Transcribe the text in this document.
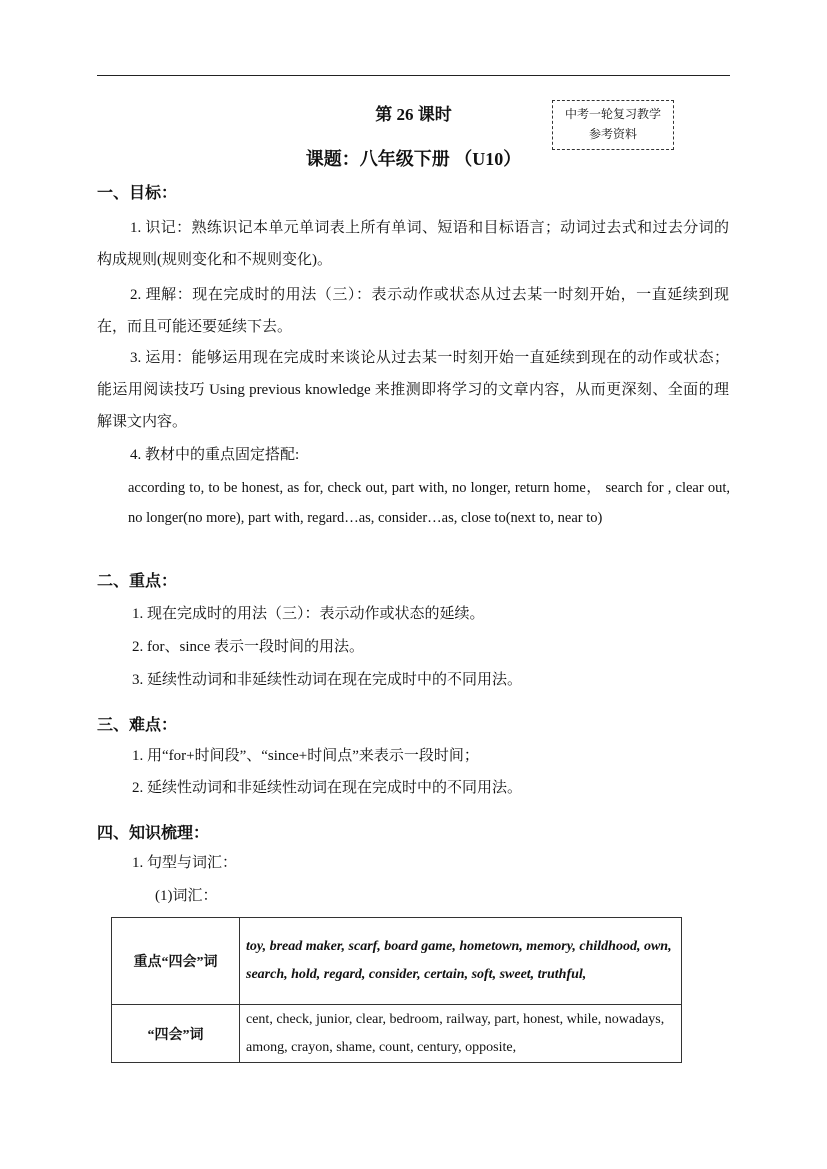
第 26 课时
课题：八年级下册 （U10）
中考一轮复习教学
参考资料
一、目标：
1. 识记：熟练识记本单元单词表上所有单词、短语和目标语言；动词过去式和过去分词的构成规则(规则变化和不规则变化)。
2. 理解：现在完成时的用法（三）：表示动作或状态从过去某一时刻开始，一直延续到现在，而且可能还要延续下去。
3. 运用：能够运用现在完成时来谈论从过去某一时刻开始一直延续到现在的动作或状态；能运用阅读技巧 Using previous knowledge 来推测即将学习的文章内容，从而更深刻、全面的理解课文内容。
4. 教材中的重点固定搭配:
according to, to be honest, as for, check out, part with, no longer, return home， search for , clear out, no longer(no more), part with, regard…as, consider…as, close to(next to, near to)
二、重点：
1. 现在完成时的用法（三）：表示动作或状态的延续。
2. for、since 表示一段时间的用法。
3. 延续性动词和非延续性动词在现在完成时中的不同用法。
三、难点：
1. 用“for+时间段”、“since+时间点”来表示一段时间；
2. 延续性动词和非延续性动词在现在完成时中的不同用法。
四、知识梳理：
1. 句型与词汇：
(1)词汇：
重点“四会”词	toy, bread maker, scarf, board game, hometown, memory, childhood, own, search, hold, regard, consider, certain, soft, sweet, truthful,
“四会”词	cent, check, junior, clear, bedroom, railway, part, honest, while, nowadays, among, crayon, shame, count, century, opposite,
